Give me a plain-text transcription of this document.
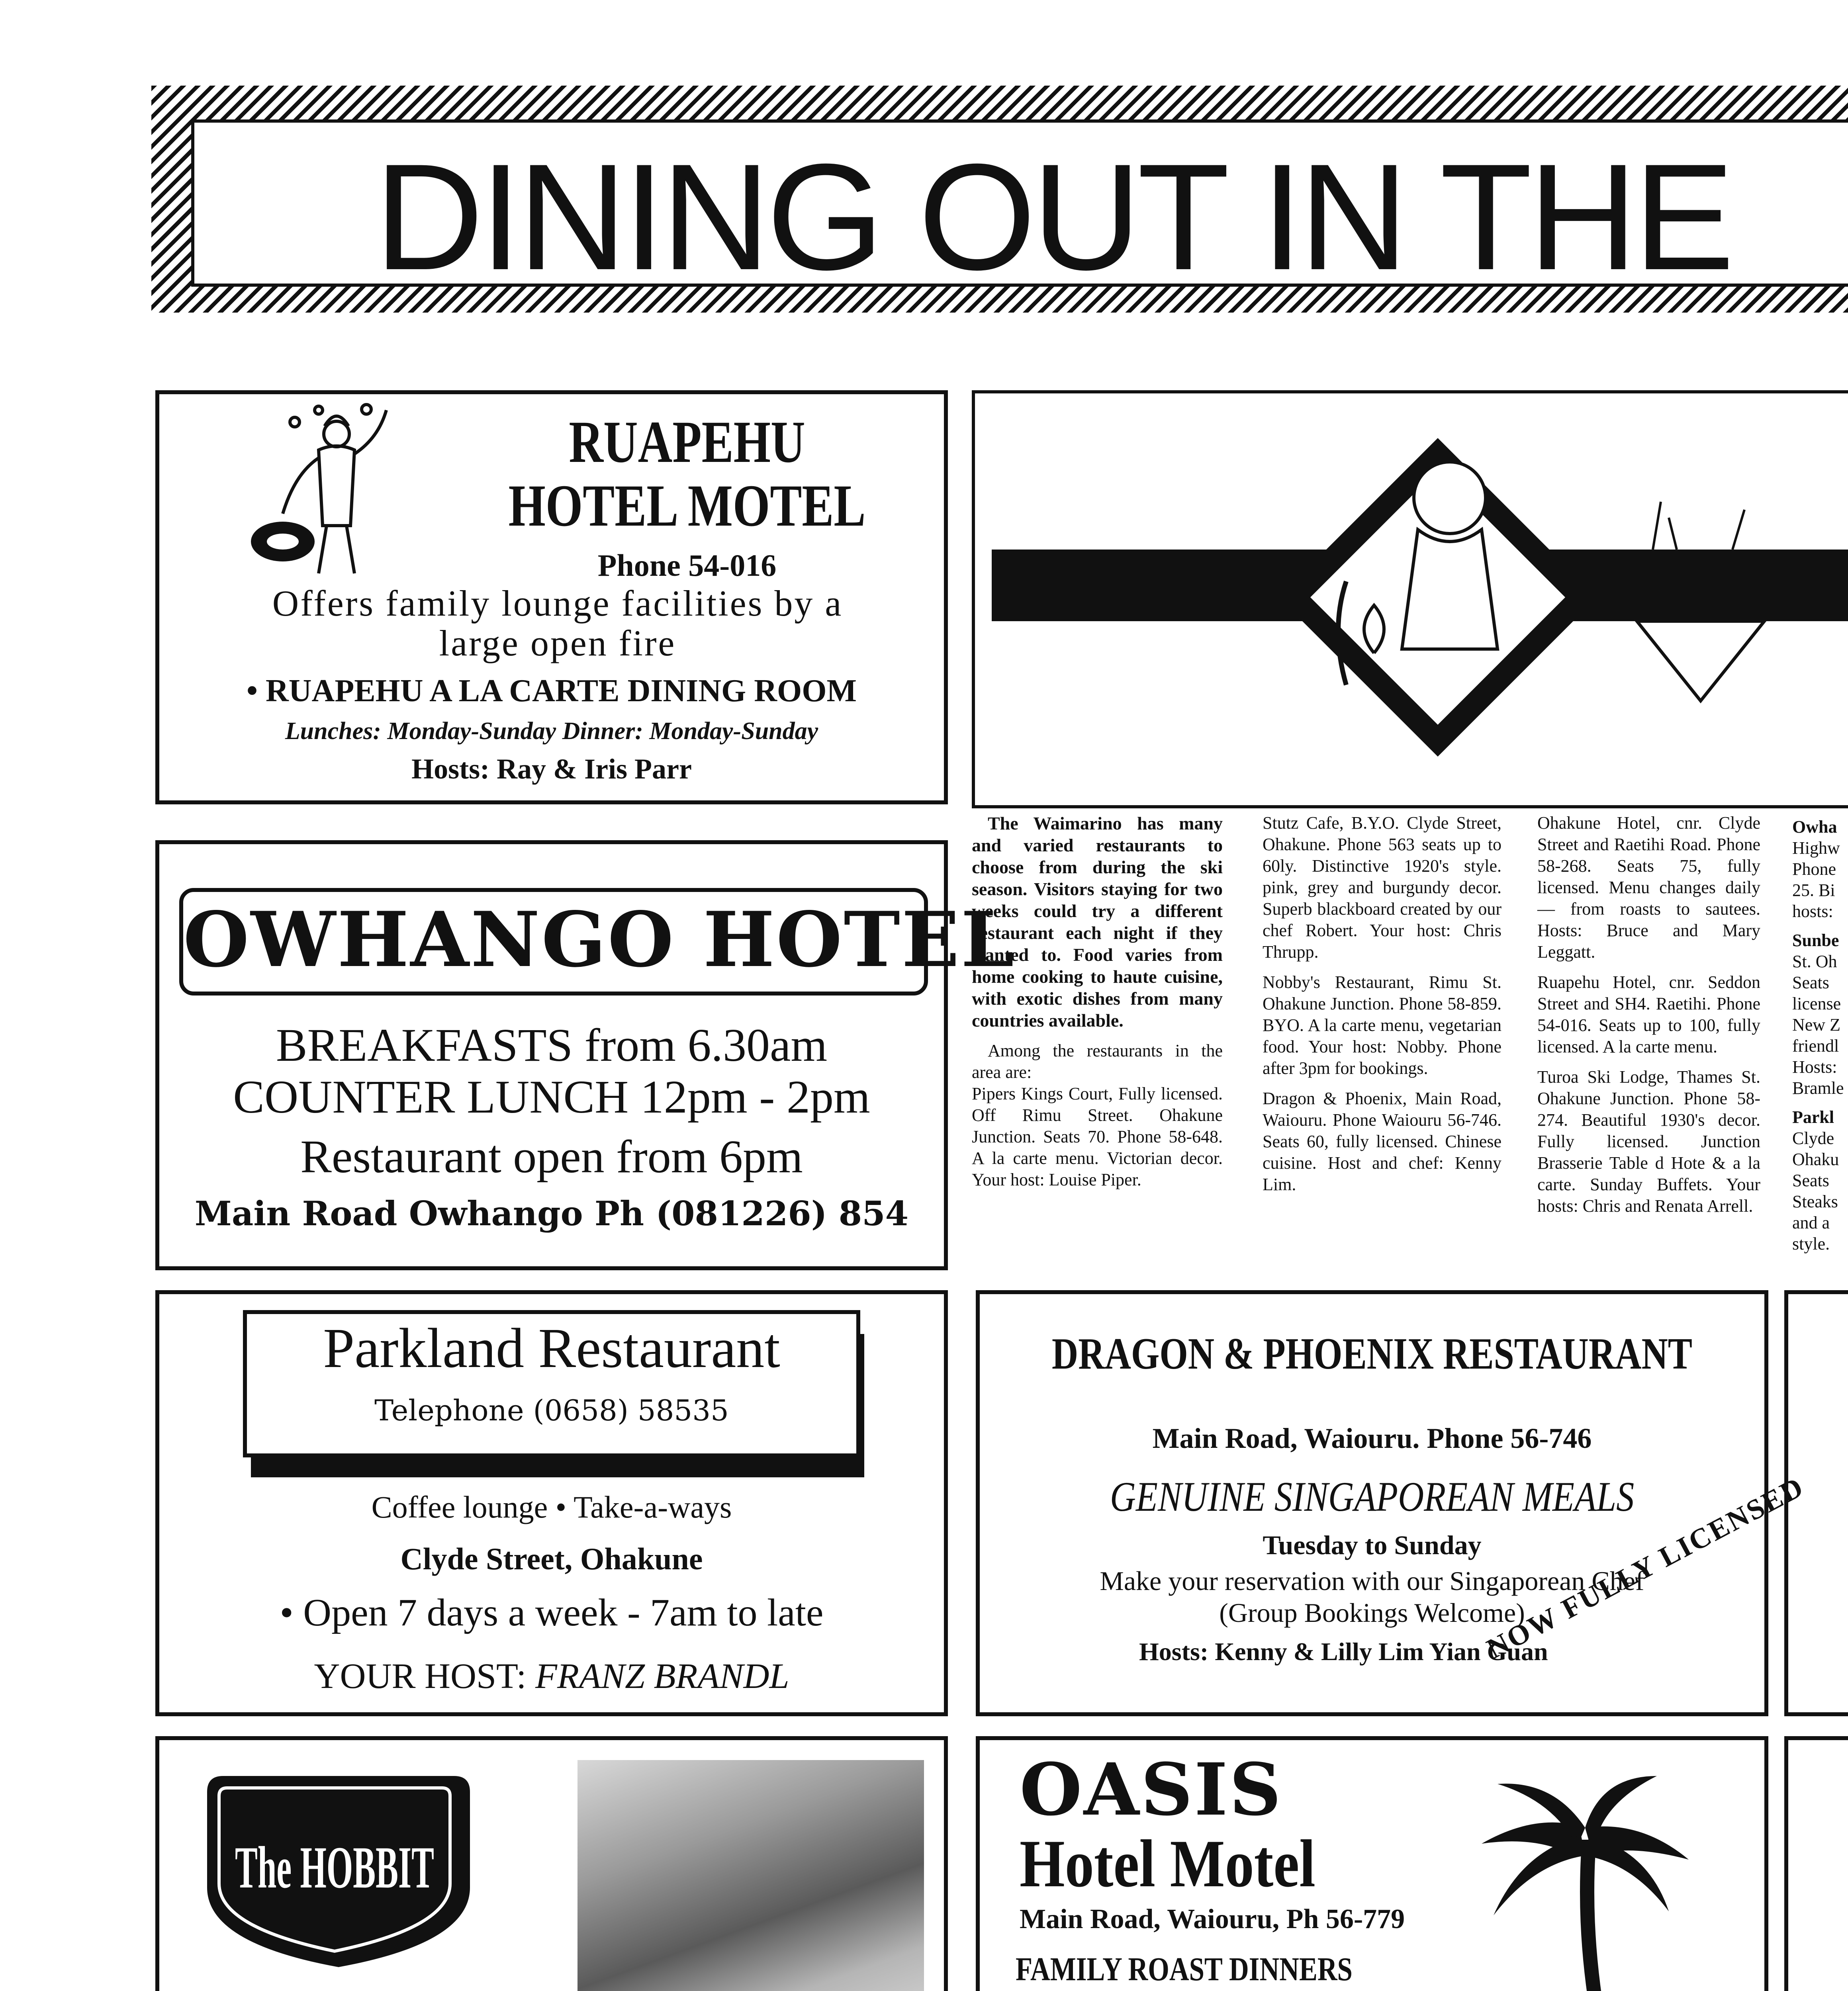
DINING OUT IN THE
RUAPEHU
HOTEL MOTEL
Phone 54-016
Offers family lounge facilities by a large open fire
• RUAPEHU A LA CARTE DINING ROOM
Lunches: Monday-Sunday Dinner: Monday-Sunday
Hosts: Ray & Iris Parr
OWHANGO HOTEL
BREAKFASTS from 6.30am
COUNTER LUNCH 12pm - 2pm
Restaurant open from 6pm
Main Road Owhango Ph (081226) 854

The Waimarino has many and varied restaurants to choose from during the ski season. Visitors staying for two weeks could try a different restaurant each night if they wanted to. Food varies from home cooking to haute cuisine, with exotic dishes from many countries available.

Among the restaurants in the area are:

Pipers Kings Court, Fully licensed. Off Rimu Street. Ohakune Junction. Seats 70. Phone 58-648. A la carte menu. Victorian decor. Your host: Louise Piper.

Stutz Cafe, B.Y.O. Clyde Street, Ohakune. Phone 563 seats up to 60ly. Distinctive 1920's style. pink, grey and burgundy decor. Superb blackboard created by our chef Robert. Your host: Chris Thrupp.

Nobby's Restaurant, Rimu St. Ohakune Junction. Phone 58-859. BYO. A la carte menu, vegetarian food. Your host: Nobby. Phone after 3pm for bookings.

Dragon & Phoenix, Main Road, Waiouru. Phone Waiouru 56-746. Seats 60, fully licensed. Chinese cuisine. Host and chef: Kenny Lim.

Ohakune Hotel, cnr. Clyde Street and Raetihi Road. Phone 58-268. Seats 75, fully licensed. Menu changes daily — from roasts to sautees. Hosts: Bruce and Mary Leggatt.

Ruapehu Hotel, cnr. Seddon Street and SH4. Raetihi. Phone 54-016. Seats up to 100, fully licensed. A la carte menu.

Turoa Ski Lodge, Thames St. Ohakune Junction. Phone 58-274. Beautiful 1930's decor. Fully licensed. Junction Brasserie Table d Hote & a la carte. Sunday Buffets. Your hosts: Chris and Renata Arrell.

Owha
Highw
Phone
25. Bi
hosts:
Sunbe
St. Oh
Seats
license
New Z
friendl
Hosts:
Bramle
Parkl
Clyde
Ohaku
Seats
Steaks
and a
style.
Parkland Restaurant
Telephone (0658) 58535
Coffee lounge • Take-a-ways
Clyde Street, Ohakune
• Open 7 days a week - 7am to late
YOUR HOST: FRANZ BRANDL
DRAGON & PHOENIX RESTAURANT
Main Road, Waiouru. Phone 56-746
GENUINE SINGAPOREAN MEALS
Tuesday to Sunday
Make your reservation with our Singaporean Chef
(Group Bookings Welcome)
Hosts: Kenny & Lilly Lim Yian Guan
NOW FULLY LICENSED
The HOBBIT
OASIS
Hotel Motel
Main Road, Waiouru, Ph 56-779
FAMILY ROAST DINNERS
